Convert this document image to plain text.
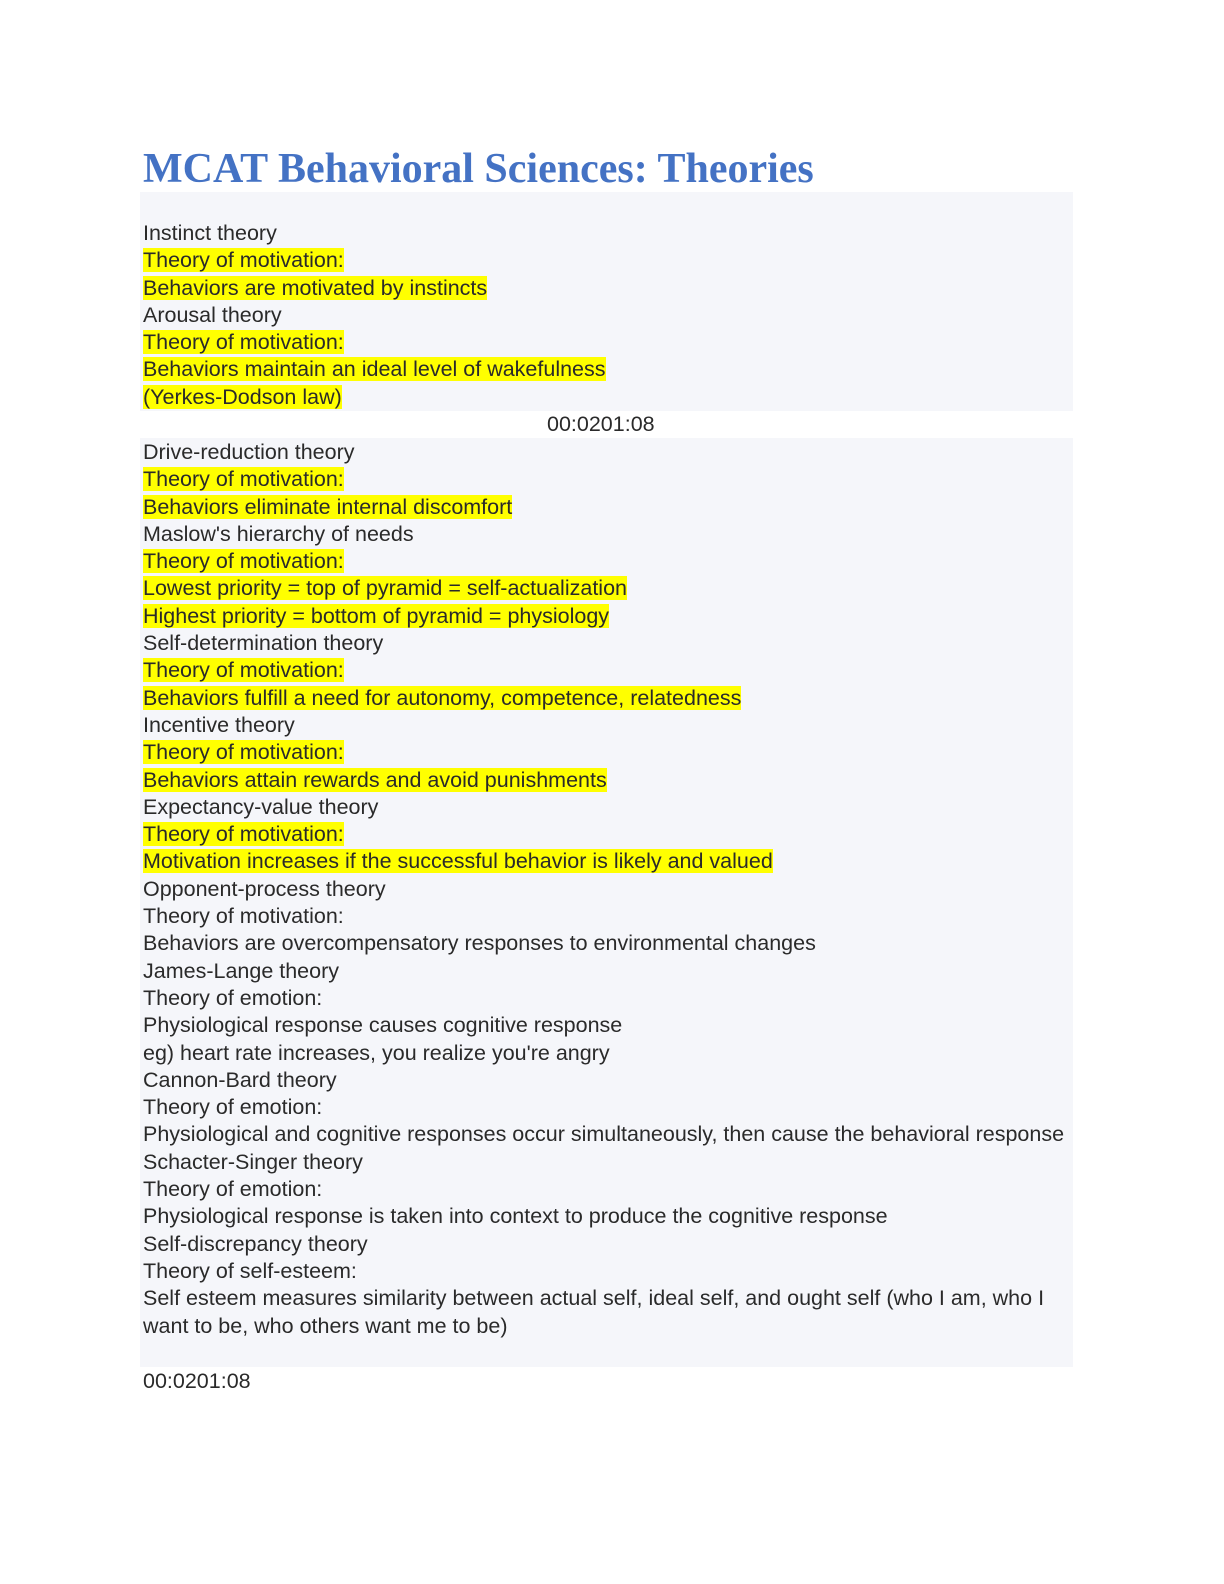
MCAT Behavioral Sciences: Theories
Instinct theory
Theory of motivation:
Behaviors are motivated by instincts
Arousal theory
Theory of motivation:
Behaviors maintain an ideal level of wakefulness
(Yerkes-Dodson law)
00:0201:08
Drive-reduction theory
Theory of motivation:
Behaviors eliminate internal discomfort
Maslow's hierarchy of needs
Theory of motivation:
Lowest priority = top of pyramid = self-actualization
Highest priority = bottom of pyramid = physiology
Self-determination theory
Theory of motivation:
Behaviors fulfill a need for autonomy, competence, relatedness
Incentive theory
Theory of motivation:
Behaviors attain rewards and avoid punishments
Expectancy-value theory
Theory of motivation:
Motivation increases if the successful behavior is likely and valued
Opponent-process theory
Theory of motivation:
Behaviors are overcompensatory responses to environmental changes
James-Lange theory
Theory of emotion:
Physiological response causes cognitive response
eg) heart rate increases, you realize you're angry
Cannon-Bard theory
Theory of emotion:
Physiological and cognitive responses occur simultaneously, then cause the behavioral response
Schacter-Singer theory
Theory of emotion:
Physiological response is taken into context to produce the cognitive response
Self-discrepancy theory
Theory of self-esteem:
Self esteem measures similarity between actual self, ideal self, and ought self (who I am, who I want to be, who others want me to be)
00:0201:08
